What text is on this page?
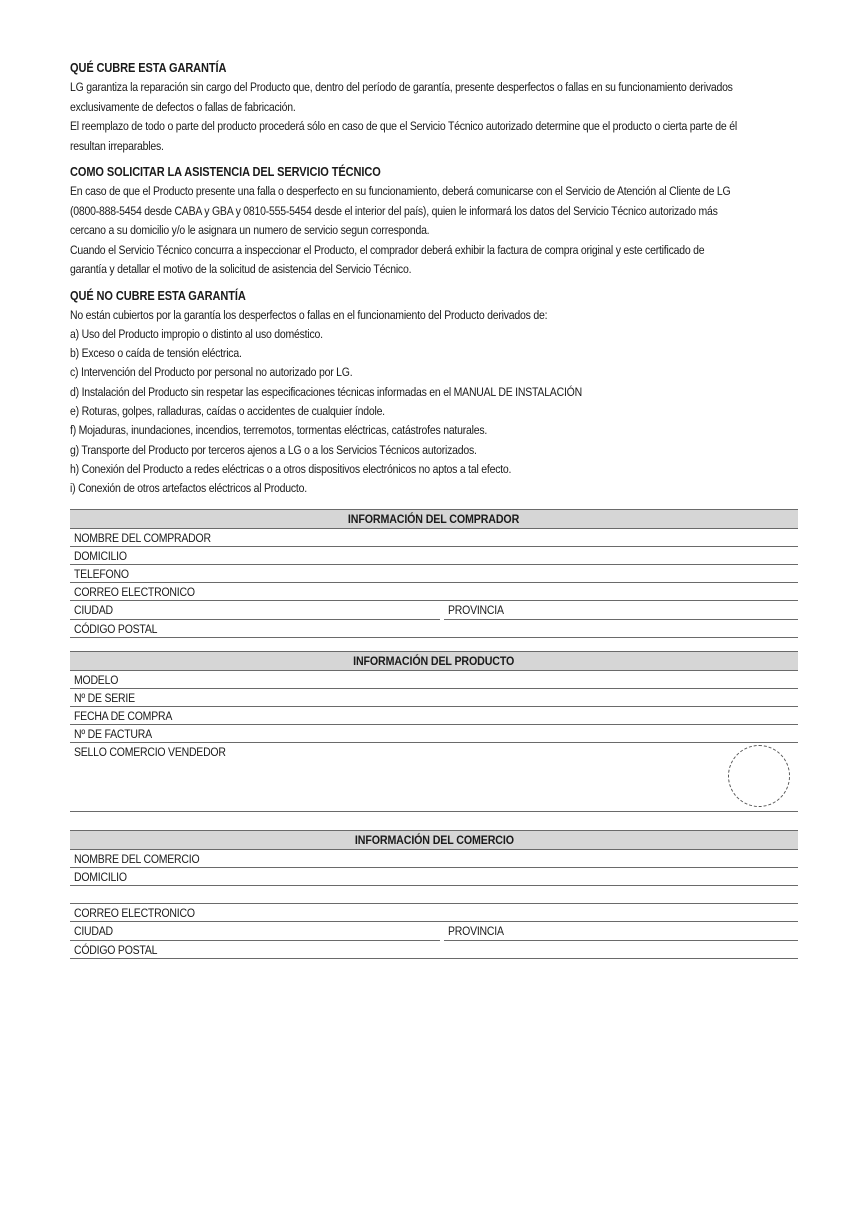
QUÉ CUBRE ESTA GARANTÍA

LG garantiza la reparación sin cargo del Producto que, dentro del período de garantía, presente desperfectos o fallas en su funcionamiento derivados

exclusivamente de defectos o fallas de fabricación.

El reemplazo de todo o parte del producto procederá sólo en caso de que el Servicio Técnico autorizado determine que el producto o cierta parte de él

resultan irreparables.

COMO SOLICITAR LA ASISTENCIA DEL SERVICIO TÉCNICO

En caso de que el Producto presente una falla o desperfecto en su funcionamiento, deberá comunicarse con el Servicio de Atención al Cliente de LG

(0800-888-5454 desde CABA y GBA y 0810-555-5454 desde el interior del país), quien le informará los datos del Servicio Técnico autorizado más

cercano a su domicilio y/o le asignara un numero de servicio segun corresponda.

Cuando el Servicio Técnico concurra a inspeccionar el Producto, el comprador deberá exhibir la factura de compra original y este certificado de

garantía y detallar el motivo de la solicitud de asistencia del Servicio Técnico.

QUÉ NO CUBRE ESTA GARANTÍA

No están cubiertos por la garantía los desperfectos o fallas en el funcionamiento del Producto derivados de:

a) Uso del Producto impropio o distinto al uso doméstico.

b) Exceso o caída de tensión eléctrica.

c) Intervención del Producto por personal no autorizado por LG.

d) Instalación del Producto sin respetar las especificaciones técnicas informadas en el MANUAL DE INSTALACIÓN

e) Roturas, golpes, ralladuras, caídas o accidentes de cualquier índole.

f) Mojaduras, inundaciones, incendios, terremotos, tormentas eléctricas, catástrofes naturales.

g) Transporte del Producto por terceros ajenos a LG o a los Servicios Técnicos autorizados.

h) Conexión del Producto a redes eléctricas o a otros dispositivos electrónicos no aptos a tal efecto.

i) Conexión de otros artefactos eléctricos al Producto.

INFORMACIÓN DEL COMPRADOR
NOMBRE DEL COMPRADOR
DOMICILIO
TELEFONO
CORREO ELECTRONICO
CIUDAD	PROVINCIA
CÓDIGO POSTAL
INFORMACIÓN DEL PRODUCTO
MODELO
Nº DE SERIE
FECHA DE COMPRA
Nº DE FACTURA
SELLO COMERCIO VENDEDOR
INFORMACIÓN DEL COMERCIO
NOMBRE DEL COMERCIO
DOMICILIO
CORREO ELECTRONICO
CIUDAD	PROVINCIA
CÓDIGO POSTAL
